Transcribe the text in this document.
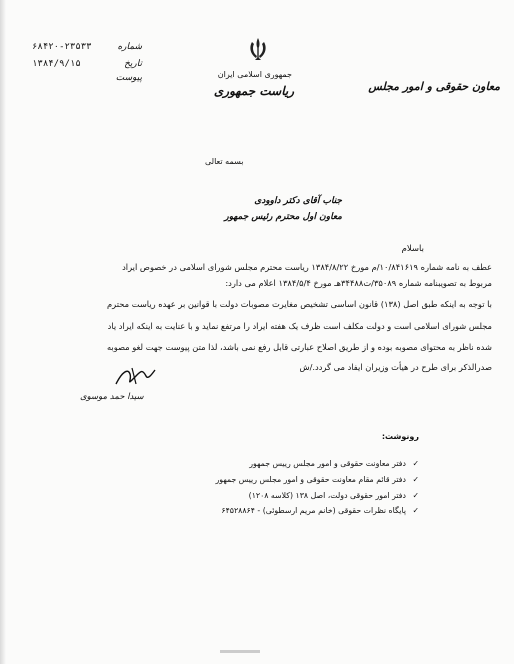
معاون حقوقی و امور مجلس
جمهوری اسلامی ایران
ریاست جمهوری
شماره
۶۸۴۲۰-۲۳۵۳۳
تاریخ
۱۳۸۴/۹/۱۵
پیوست
بسمه تعالی
جناب آقای دکتر داوودی
معاون اول محترم رئیس جمهور
باسلام
عطف به نامه شماره ۱۰/۸۴۱۶۱۹/م مورخ ۱۳۸۴/۸/۲۲ ریاست محترم مجلس شورای اسلامی در خصوص ایراد
مربوط به تصویبنامه شماره ۳۵۰۸۹/ت۳۴۴۸۸هـ مورخ ۱۳۸۴/۵/۴ اعلام می دارد:
با توجه به اینکه طبق اصل (۱۳۸) قانون اساسی تشخیص مغایرت مصوبات دولت با قوانین بر عهده ریاست محترم
مجلس شورای اسلامی است و دولت مکلف است ظرف یک هفته ایراد را مرتفع نماید و با عنایت به اینکه ایراد یاد
شده ناظر به محتوای مصوبه بوده و از طریق اصلاح عبارتی قابل رفع نمی باشد، لذا متن پیوست جهت لغو مصوبه
صدرالذکر برای طرح در هیأت وزیران ایفاد می گردد./ش
سیدا حمد موسوی
رونوشت:
✓دفتر معاونت حقوقی و امور مجلس رییس جمهور
✓دفتر قائم مقام معاونت حقوقی و امور مجلس رییس جمهور
✓دفتر امور حقوقی دولت، اصل ۱۳۸ (کلاسه ۱۲۰۸)
✓پایگاه نظرات حقوقی (خانم مریم ارسطوئی) - ۶۴۵۲۸۸۶۴
